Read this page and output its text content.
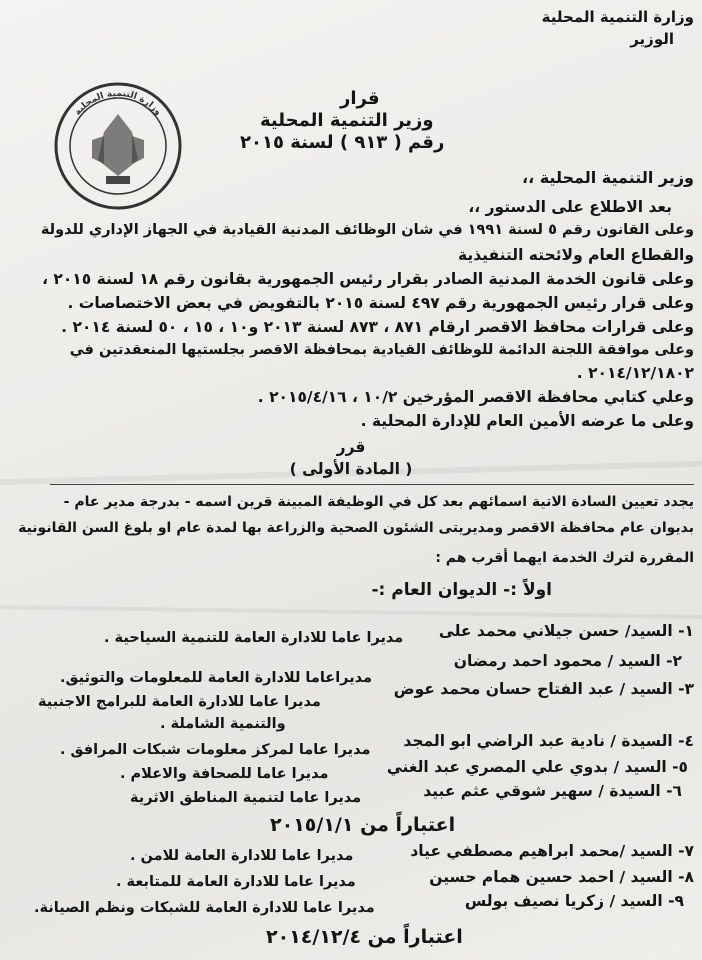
وزارة التنمية المحلية
الوزير
وزارة التنمية المحلية
قرار
وزير التنمية المحلية
رقم ( ٩١٣ ) لسنة ٢٠١٥
وزير التنمية المحلية ،،
بعد الاطلاع على الدستور ،،
وعلى القانون رقم ٥ لسنة ١٩٩١ في شان الوظائف المدنية القيادية في الجهاز الإداري للدولة
والقطاع العام ولائحته التنفيذية
وعلى قانون الخدمة المدنية الصادر بقرار رئيس الجمهورية بقانون رقم ١٨ لسنة ٢٠١٥ ،
وعلى قرار رئيس الجمهورية رقم ٤٩٧ لسنة ٢٠١٥ بالتفويض في بعض الاختصاصات .
وعلى قرارات محافظ الاقصر ارقام ٨٧١ ، ٨٧٣ لسنة ٢٠١٣ و١٠ ، ١٥ ، ٥٠ لسنة ٢٠١٤ .
وعلى موافقة اللجنة الدائمة للوظائف القيادية بمحافظة الاقصر بجلستيها المنعقدتين في
٢٠١٤/١٢/١٨٠٢ .
وعلي كتابي محافظة الاقصر المؤرخين ١٠/٢ ، ٢٠١٥/٤/١٦ .
وعلى ما عرضه الأمين العام للإدارة المحلية .
قرر
( المادة الأولى )
يجدد تعيين السادة الاتية اسمائهم بعد كل في الوظيفة المبينة قرين اسمه - بدرجة مدير عام -
بديوان عام محافظة الاقصر ومديريتى الشئون الصحية والزراعة بها لمدة عام او بلوغ السن القانونية
المقررة لترك الخدمة ايهما أقرب هم :
اولاً :- الديوان العام :-
١- السيد/ حسن جيلاني محمد على
مديرا عاما للادارة العامة للتنمية السياحية .
٢- السيد / محمود احمد رمضان
مديراعاما للادارة العامة للمعلومات والتوثيق.
٣- السيد / عبد الفتاح حسان محمد عوض
مديرا عاما للادارة العامة للبرامج الاجنبية
والتنمية الشاملة .
٤- السيدة / نادية عبد الراضي ابو المجد
مديرا عاما لمركز معلومات شبكات المرافق .
٥- السيد / بدوي علي المصري عبد الغني
مديرا عاما للصحافة والاعلام .
٦- السيدة / سهير شوقي عثم عبيد
مديرا عاما لتنمية المناطق الاثرية
اعتباراً من ٢٠١٥/١/١
٧- السيد /محمد ابراهيم مصطفي عياد
مديرا عاما للادارة العامة للامن .
٨- السيد / احمد حسين همام حسين
مديرا عاما للادارة العامة للمتابعة .
٩- السيد / زكريا نصيف بولس
مديرا عاما للادارة العامة للشبكات ونظم الصيانة.
اعتباراً من ٢٠١٤/١٢/٤
